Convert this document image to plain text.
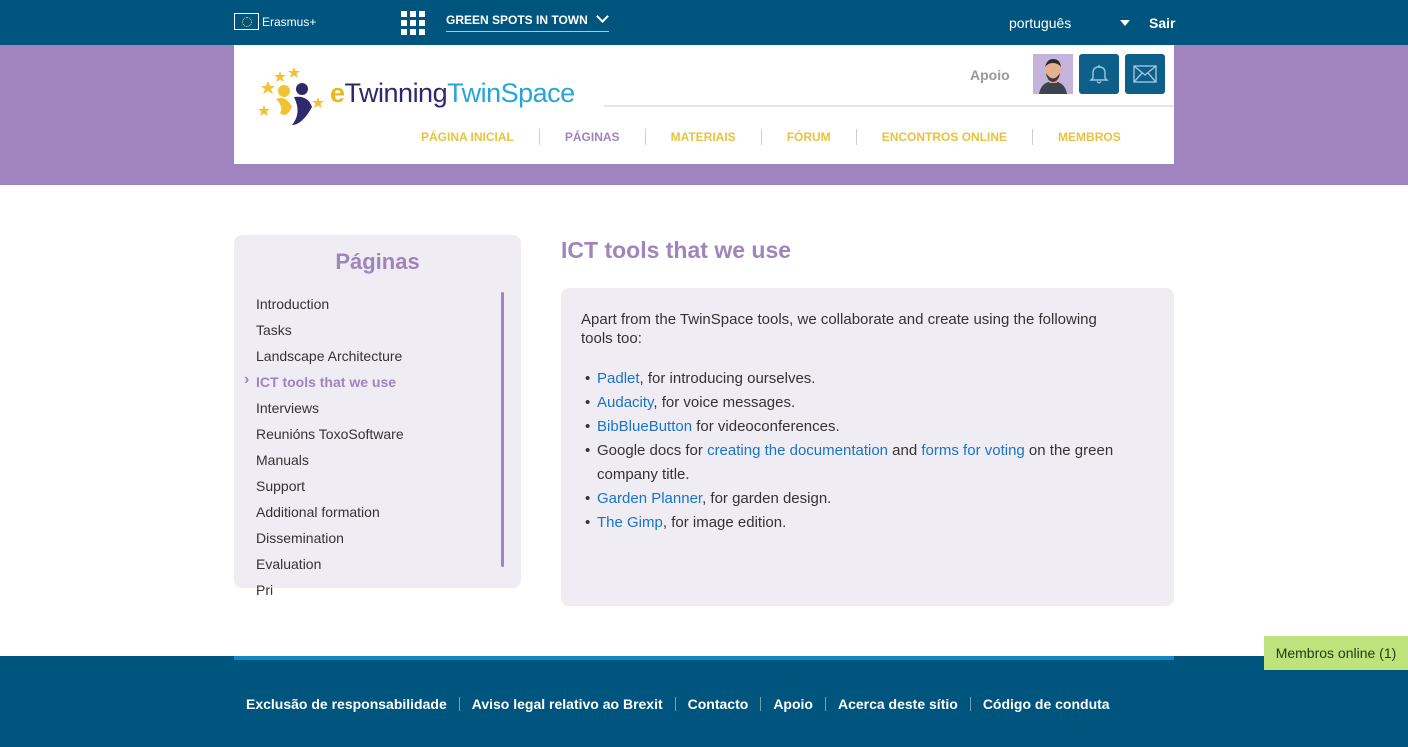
Erasmus+	GREEN SPOTS IN TOWN	português	Sair
eTwinningTwinSpace
Apoio
PÁGINA INICIAL	PÁGINAS	MATERIAIS	FÓRUM	ENCONTROS ONLINE	MEMBROS
Páginas
Introduction
Tasks
Landscape Architecture
› ICT tools that we use
Interviews
Reunións ToxoSoftware
Manuals
Support
Additional formation
Dissemination
Evaluation
Pri
ICT tools that we use

Apart from the TwinSpace tools, we collaborate and create using the following tools too:

• Padlet, for introducing ourselves.
• Audacity, for voice messages.
• BibBlueButton for videoconferences.
• Google docs for creating the documentation and forms for voting on the green company title.
• Garden Planner, for garden design.
• The Gimp, for image edition.
Exclusão de responsabilidade	Aviso legal relativo ao Brexit	Contacto	Apoio	Acerca deste sítio	Código de conduta
Membros online (1)
